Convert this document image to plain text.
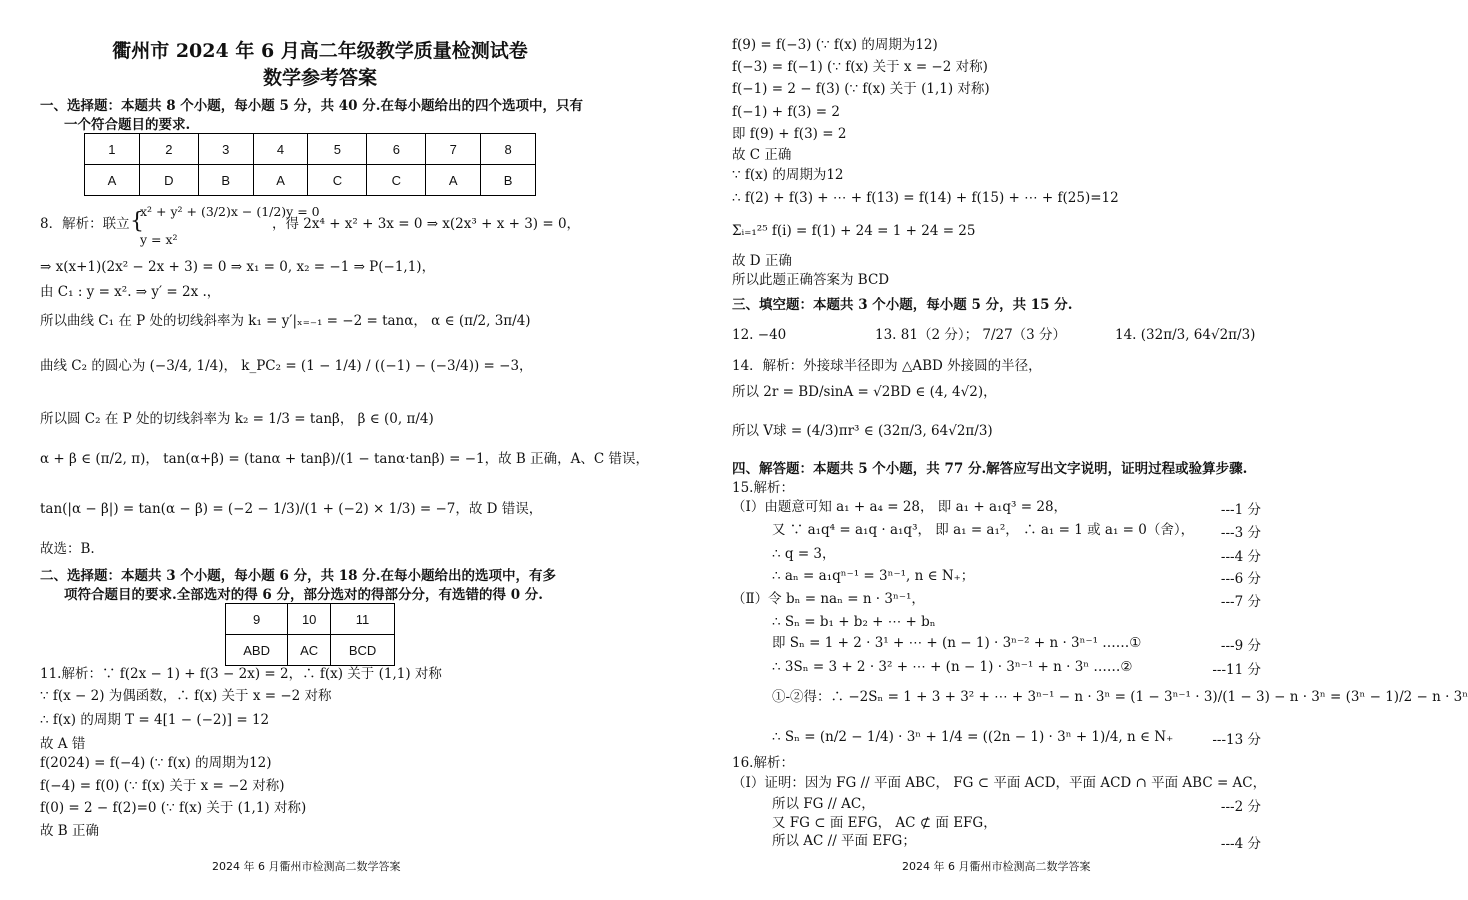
衢州市 2024 年 6 月高二年级教学质量检测试卷
数学参考答案
一、选择题：本题共 8 个小题，每小题 5 分，共 40 分.在每小题给出的四个选项中，只有
一个符合题目的要求.
1	2	3	4	5	6	7	8
A	D	B	A	C	C	A	B
8．解析：联立 {
x² + y² + (3/2)x − (1/2)y = 0
y = x²
，得 2x⁴ + x² + 3x = 0 ⇒ x(2x³ + x + 3) = 0，
⇒ x(x+1)(2x² − 2x + 3) = 0 ⇒ x₁ = 0, x₂ = −1 ⇒ P(−1,1)，
由 C₁ : y = x². ⇒ y′ = 2x .，
所以曲线 C₁ 在 P 处的切线斜率为 k₁ = y′|ₓ₌₋₁ = −2 = tanα， α ∈ (π/2, 3π/4)
曲线 C₂ 的圆心为 (−3/4, 1/4)， k_PC₂ = (1 − 1/4) / ((−1) − (−3/4)) = −3，
所以圆 C₂ 在 P 处的切线斜率为 k₂ = 1/3 = tanβ， β ∈ (0, π/4)
α + β ∈ (π/2, π)， tan(α+β) = (tanα + tanβ)/(1 − tanα·tanβ) = −1，故 B 正确，A、C 错误，
tan(|α − β|) = tan(α − β) = (−2 − 1/3)/(1 + (−2) × 1/3) = −7，故 D 错误，
故选：B.
二、选择题：本题共 3 个小题，每小题 6 分，共 18 分.在每小题给出的选项中，有多
项符合题目的要求.全部选对的得 6 分，部分选对的得部分分，有选错的得 0 分.
9	10	11
ABD	AC	BCD
11.解析：∵ f(2x − 1) + f(3 − 2x) = 2，∴ f(x) 关于 (1,1) 对称
∵ f(x − 2) 为偶函数，∴ f(x) 关于 x = −2 对称
∴ f(x) 的周期 T = 4[1 − (−2)] = 12
故 A 错
f(2024) = f(−4) (∵ f(x) 的周期为12)
f(−4) = f(0) (∵ f(x) 关于 x = −2 对称)
f(0) = 2 − f(2)=0 (∵ f(x) 关于 (1,1) 对称)
故 B 正确
2024 年 6 月衢州市检测高二数学答案
f(9) = f(−3) (∵ f(x) 的周期为12)
f(−3) = f(−1) (∵ f(x) 关于 x = −2 对称)
f(−1) = 2 − f(3) (∵ f(x) 关于 (1,1) 对称)
f(−1) + f(3) = 2
即 f(9) + f(3) = 2
故 C 正确
∵ f(x) 的周期为12
∴ f(2) + f(3) + ⋯ + f(13) = f(14) + f(15) + ⋯ + f(25)=12
Σᵢ₌₁²⁵ f(i) = f(1) + 24 = 1 + 24 = 25
故 D 正确
所以此题正确答案为 BCD
三、填空题：本题共 3 个小题，每小题 5 分，共 15 分.
12. −40	13. 81（2 分）； 7/27（3 分）	14. (32π/3, 64√2π/3)
14．解析：外接球半径即为 △ABD 外接圆的半径，
所以 2r = BD/sinA = √2BD ∈ (4, 4√2)，
所以 V球 = (4/3)πr³ ∈ (32π/3, 64√2π/3)
四、解答题：本题共 5 个小题，共 77 分.解答应写出文字说明，证明过程或验算步骤.
15.解析：
（Ⅰ）由题意可知 a₁ + a₄ = 28， 即 a₁ + a₁q³ = 28，	---1 分
又 ∵ a₁q⁴ = a₁q · a₁q³， 即 a₁ = a₁²， ∴ a₁ = 1 或 a₁ = 0（舍）， ---3 分
∴ q = 3，	---4 分
∴ aₙ = a₁qⁿ⁻¹ = 3ⁿ⁻¹, n ∈ N₊；	---6 分
（Ⅱ）令 bₙ = naₙ = n · 3ⁿ⁻¹，	---7 分
∴ Sₙ = b₁ + b₂ + ⋯ + bₙ
即 Sₙ = 1 + 2 · 3¹ + ⋯ + (n − 1) · 3ⁿ⁻² + n · 3ⁿ⁻¹ ……①	---9 分
∴ 3Sₙ = 3 + 2 · 3² + ⋯ + (n − 1) · 3ⁿ⁻¹ + n · 3ⁿ ……②	---11 分
①-②得：∴ −2Sₙ = 1 + 3 + 3² + ⋯ + 3ⁿ⁻¹ − n · 3ⁿ = (1 − 3ⁿ⁻¹ · 3)/(1 − 3) − n · 3ⁿ = (3ⁿ − 1)/2 − n · 3ⁿ
∴ Sₙ = (n/2 − 1/4) · 3ⁿ + 1/4 = ((2n − 1) · 3ⁿ + 1)/4, n ∈ N₊	---13 分
16.解析：
（Ⅰ）证明：因为 FG // 平面 ABC， FG ⊂ 平面 ACD，平面 ACD ∩ 平面 ABC = AC，
所以 FG // AC，	---2 分
又 FG ⊂ 面 EFG， AC ⊄ 面 EFG，
所以 AC // 平面 EFG；	---4 分
2024 年 6 月衢州市检测高二数学答案
